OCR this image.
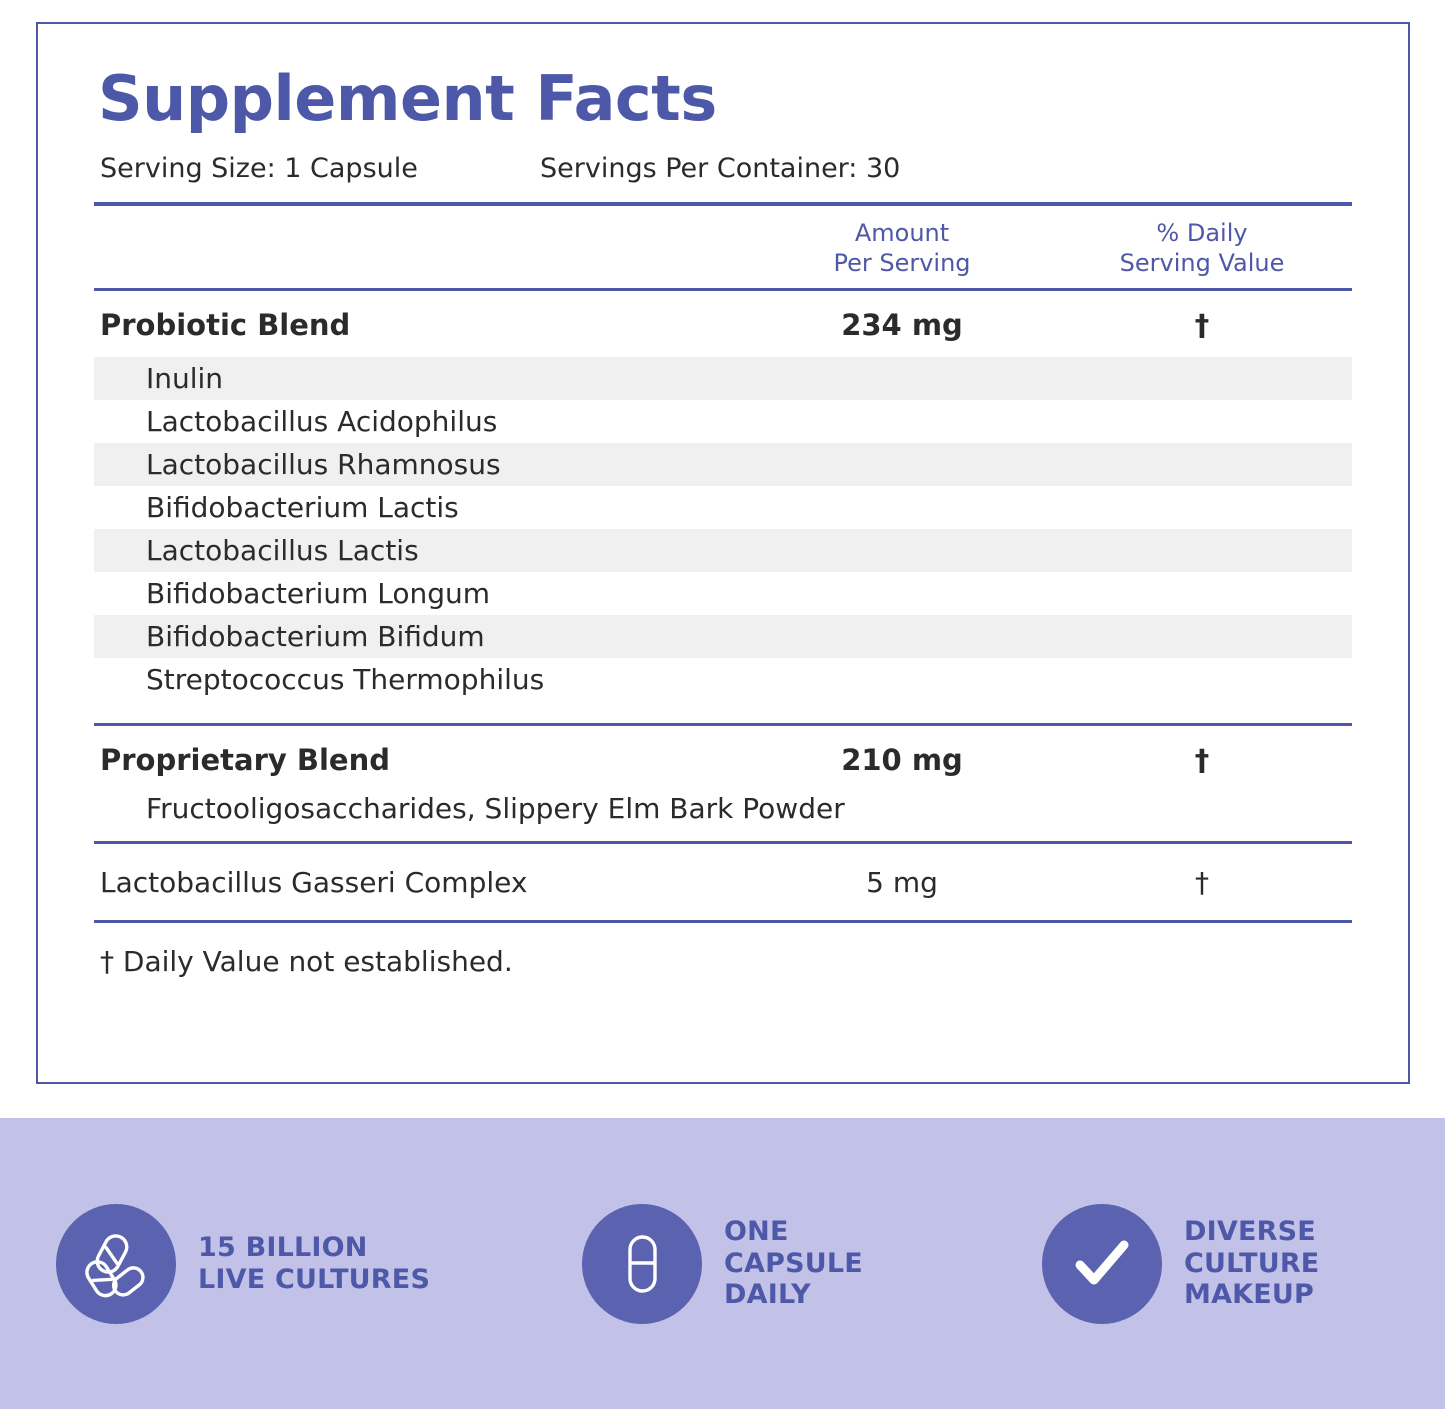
Supplement Facts
Serving Size: 1 Capsule	Servings Per Container: 30
Amount
Per Serving
% Daily
Serving Value
Probiotic Blend	234 mg	†
Inulin
Lactobacillus Acidophilus
Lactobacillus Rhamnosus
Bifidobacterium Lactis
Lactobacillus Lactis
Bifidobacterium Longum
Bifidobacterium Bifidum
Streptococcus Thermophilus
Proprietary Blend	210 mg	†
Fructooligosaccharides, Slippery Elm Bark Powder
Lactobacillus Gasseri Complex	5 mg	†
† Daily Value not established.
15 BILLION
LIVE CULTURES
ONE
CAPSULE
DAILY
DIVERSE
CULTURE
MAKEUP
